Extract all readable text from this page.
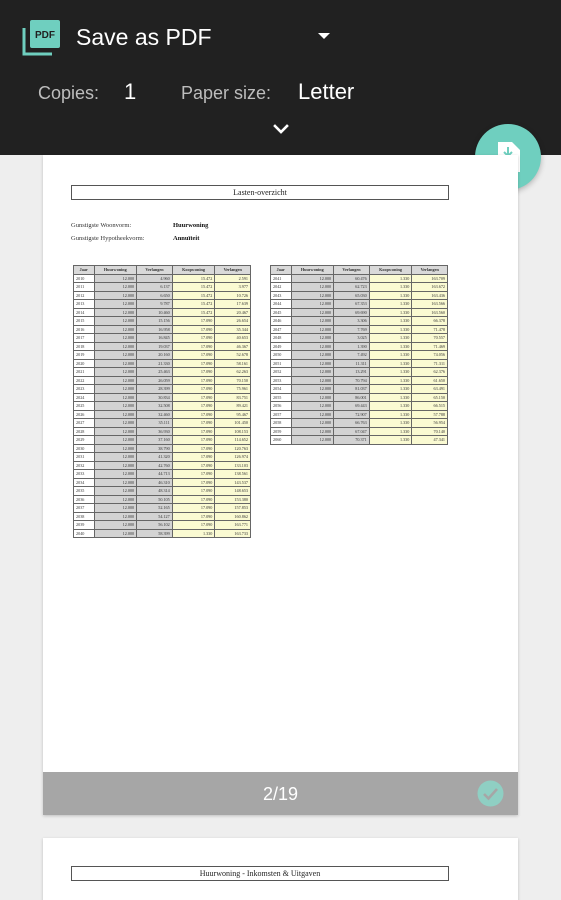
PDF Save as PDF
Copies: 1 Paper size: Letter
Lasten-overzicht
Gunstigste Woonvorm:	Huurwoning
Gunstigste Hypotheekvorm:	Annuïteit
Jaar	Huurwoning	Verlangen	Koopwoning	Verlangen
2010	12.000	4.960	15.472	2.591
2011	12.000	6.137	15.472	3.977
2012	12.000	6.650	15.472	10.726
2013	12.000	9.787	15.472	17.639
2014	12.000	10.460	15.472	20.467
2015	12.000	15.156	17.090	26.654
2016	12.000	16.958	17.090	35.344
2017	12.000	16.845	17.090	40.653
2018	12.000	19.037	17.090	46.367
2019	12.000	20.160	17.090	52.678
2020	12.000	21.330	17.090	58.161
2021	12.000	25.463	17.090	62.263
2022	12.000	26.059	17.090	70.150
2023	12.000	28.399	17.090	75.961
2024	12.000	30.834	17.090	83.751
2025	12.000	32.508	17.090	89.421
2026	12.000	32.460	17.090	95.467
2027	12.000	35.111	17.090	101.450
2028	12.000	36.930	17.090	108.153
2029	12.000	37.160	17.090	114.652
2030	12.000	38.790	17.090	120.763
2031	12.000	41.320	17.090	126.974
2032	12.000	42.760	17.090	133.103
2033	12.000	44.713	17.090	138.561
2034	12.000	46.310	17.090	143.537
2035	12.000	48.314	17.090	148.653
2036	12.000	50.105	17.090	153.380
2037	12.000	52.165	17.090	157.853
2038	12.000	54.127	17.090	160.862
2039	12.000	56.102	17.090	163.771
2040	12.000	58.399	1.330	163.733
Jaar	Huurwoning	Verlangen	Koopwoning	Verlangen
2041	12.000	60.476	1.330	163.709
2042	12.000	62.723	1.330	163.672
2043	12.000	65.030	1.330	163.436
2044	12.000	67.353	1.330	163.566
2045	12.000	69.690	1.330	163.560
2046	12.000	3.306	1.330	66.378
2047	12.000	7.769	1.330	71.478
2048	12.000	3.025	1.330	70.557
2049	12.000	1.390	1.330	71.469
2050	12.000	7.492	1.330	74.056
2051	12.000	11.311	1.330	71.311
2052	12.000	13.291	1.330	62.376
2053	12.000	70.794	1.330	61.650
2054	12.000	81.037	1.330	63.491
2055	12.000	86.001	1.330	65.150
2056	12.000	69.443	1.330	66.515
2057	12.000	72.907	1.330	57.788
2058	12.000	66.763	1.330	56.954
2059	12.000	67.047	1.330	70.140
2060	12.000	70.371	1.330	47.341
2/19
Huurwoning - Inkomsten & Uitgaven
